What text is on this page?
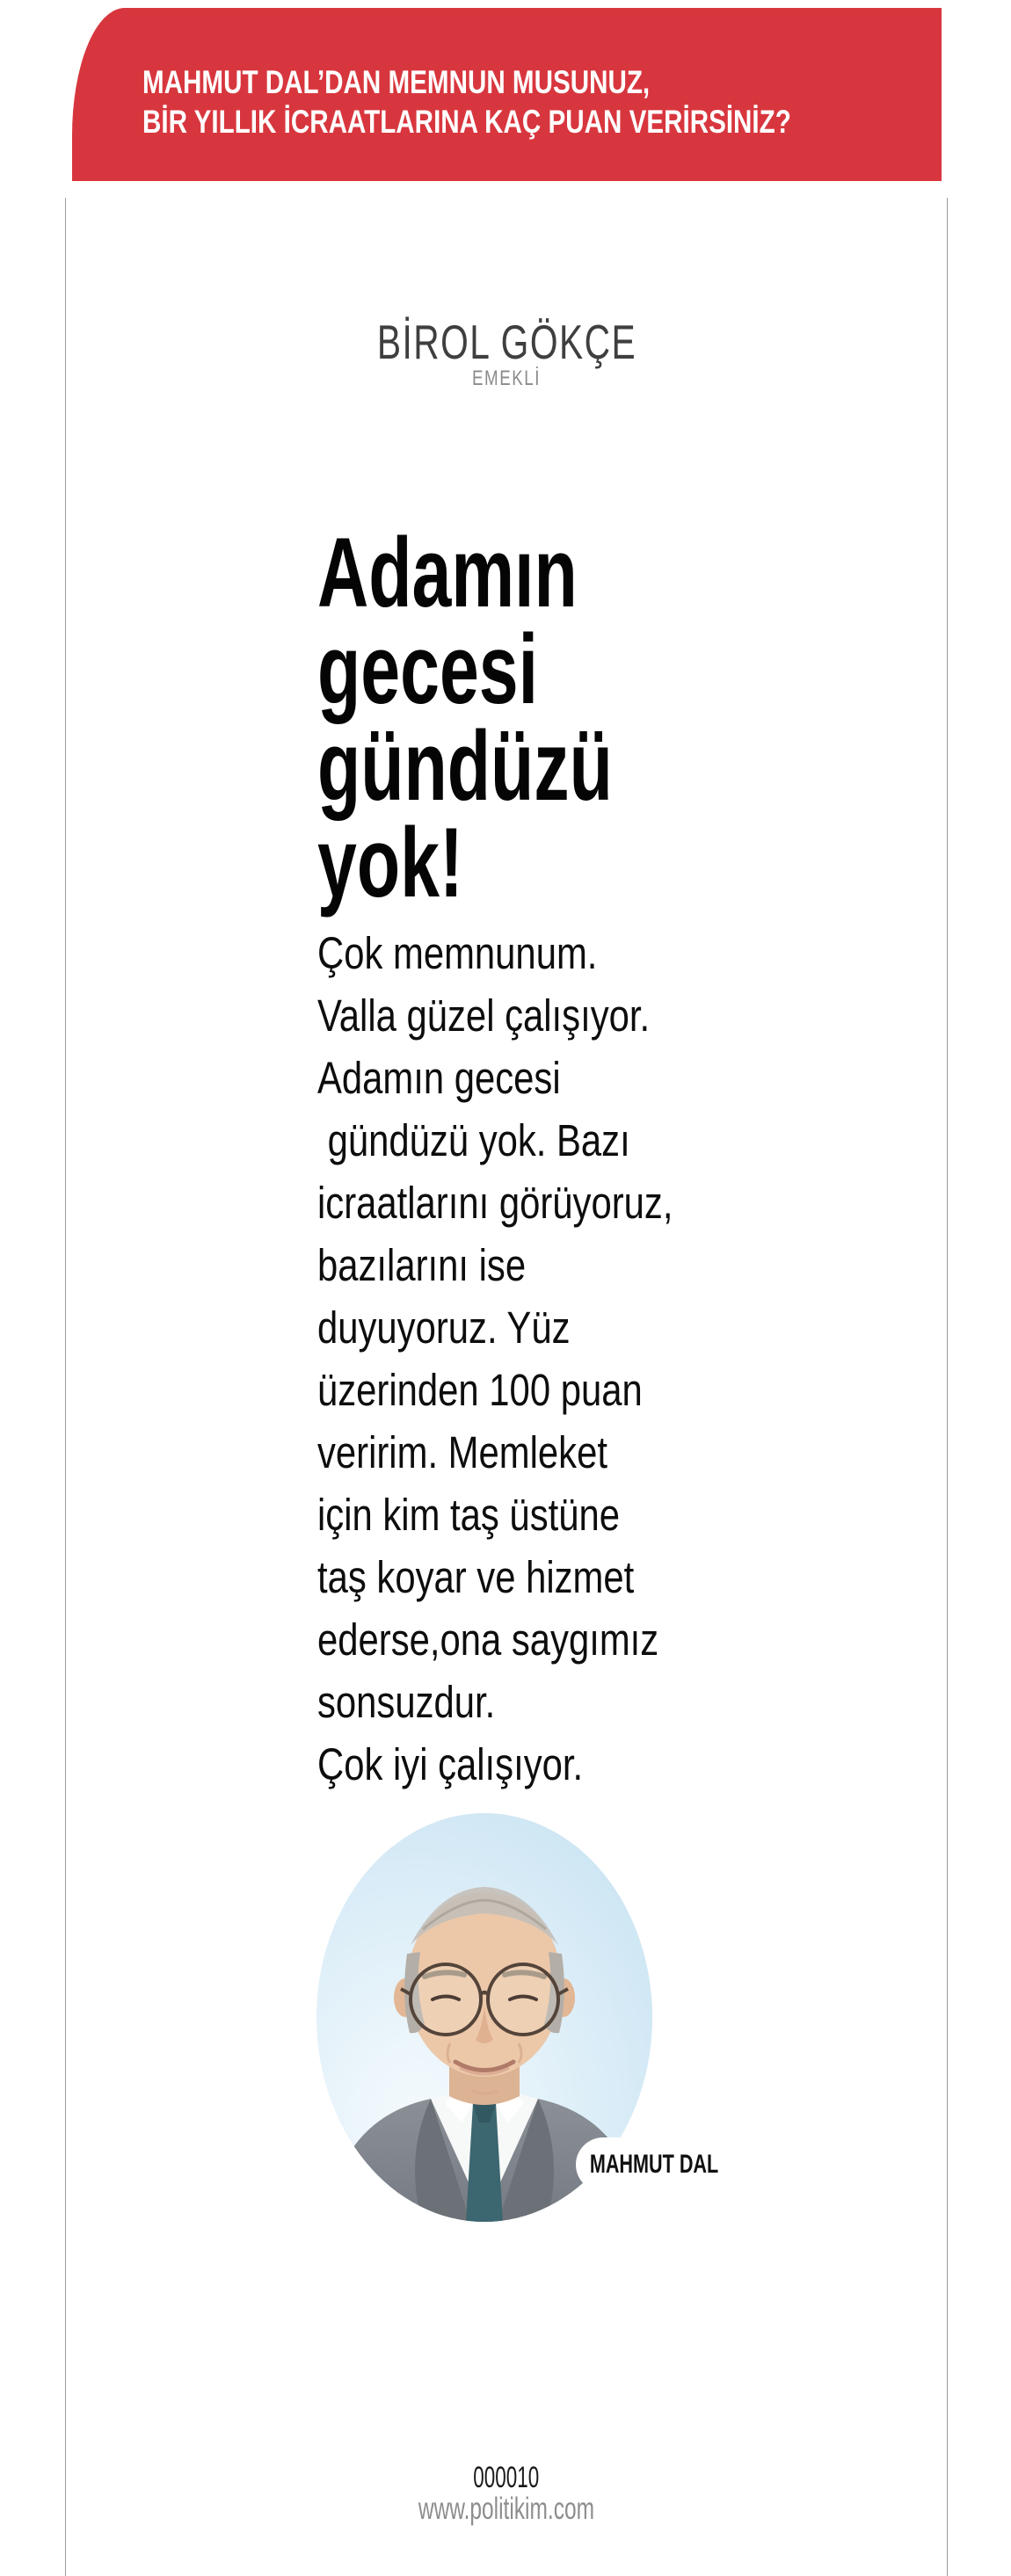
MAHMUT DAL’DAN MEMNUN MUSUNUZ,
BİR YILLIK İCRAATLARINA KAÇ PUAN VERİRSİNİZ?
BİROL GÖKÇE
EMEKLİ
Adamın
gecesi
gündüzü
yok!
Çok memnunum.
Valla güzel çalışıyor.
Adamın gecesi
gündüzü yok. Bazı
icraatlarını görüyoruz,
bazılarını ise
duyuyoruz. Yüz
üzerinden 100 puan
veririm. Memleket
için kim taş üstüne
taş koyar ve hizmet
ederse,ona saygımız
sonsuzdur.
Çok iyi çalışıyor.
MAHMUT DAL
000010
www.politikim.com
